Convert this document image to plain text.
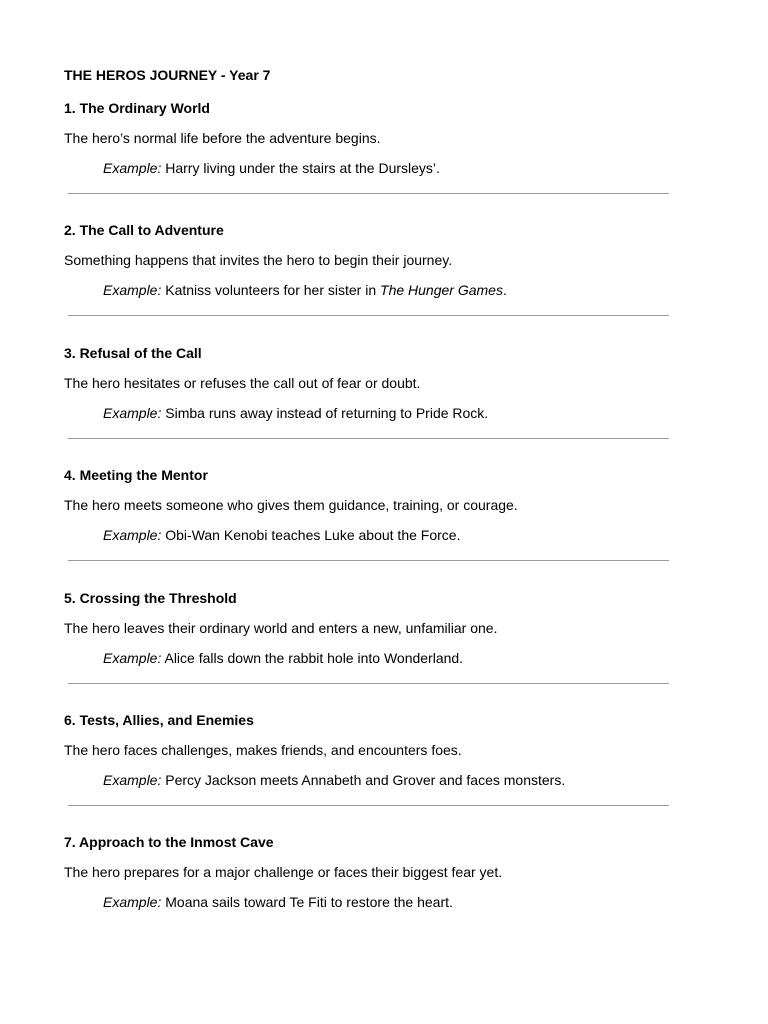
THE HEROS JOURNEY - Year 7
1. The Ordinary World
The hero’s normal life before the adventure begins.
Example: Harry living under the stairs at the Dursleys’.
2. The Call to Adventure
Something happens that invites the hero to begin their journey.
Example: Katniss volunteers for her sister in The Hunger Games.
3. Refusal of the Call
The hero hesitates or refuses the call out of fear or doubt.
Example: Simba runs away instead of returning to Pride Rock.
4. Meeting the Mentor
The hero meets someone who gives them guidance, training, or courage.
Example: Obi-Wan Kenobi teaches Luke about the Force.
5. Crossing the Threshold
The hero leaves their ordinary world and enters a new, unfamiliar one.
Example: Alice falls down the rabbit hole into Wonderland.
6. Tests, Allies, and Enemies
The hero faces challenges, makes friends, and encounters foes.
Example: Percy Jackson meets Annabeth and Grover and faces monsters.
7. Approach to the Inmost Cave
The hero prepares for a major challenge or faces their biggest fear yet.
Example: Moana sails toward Te Fiti to restore the heart.
